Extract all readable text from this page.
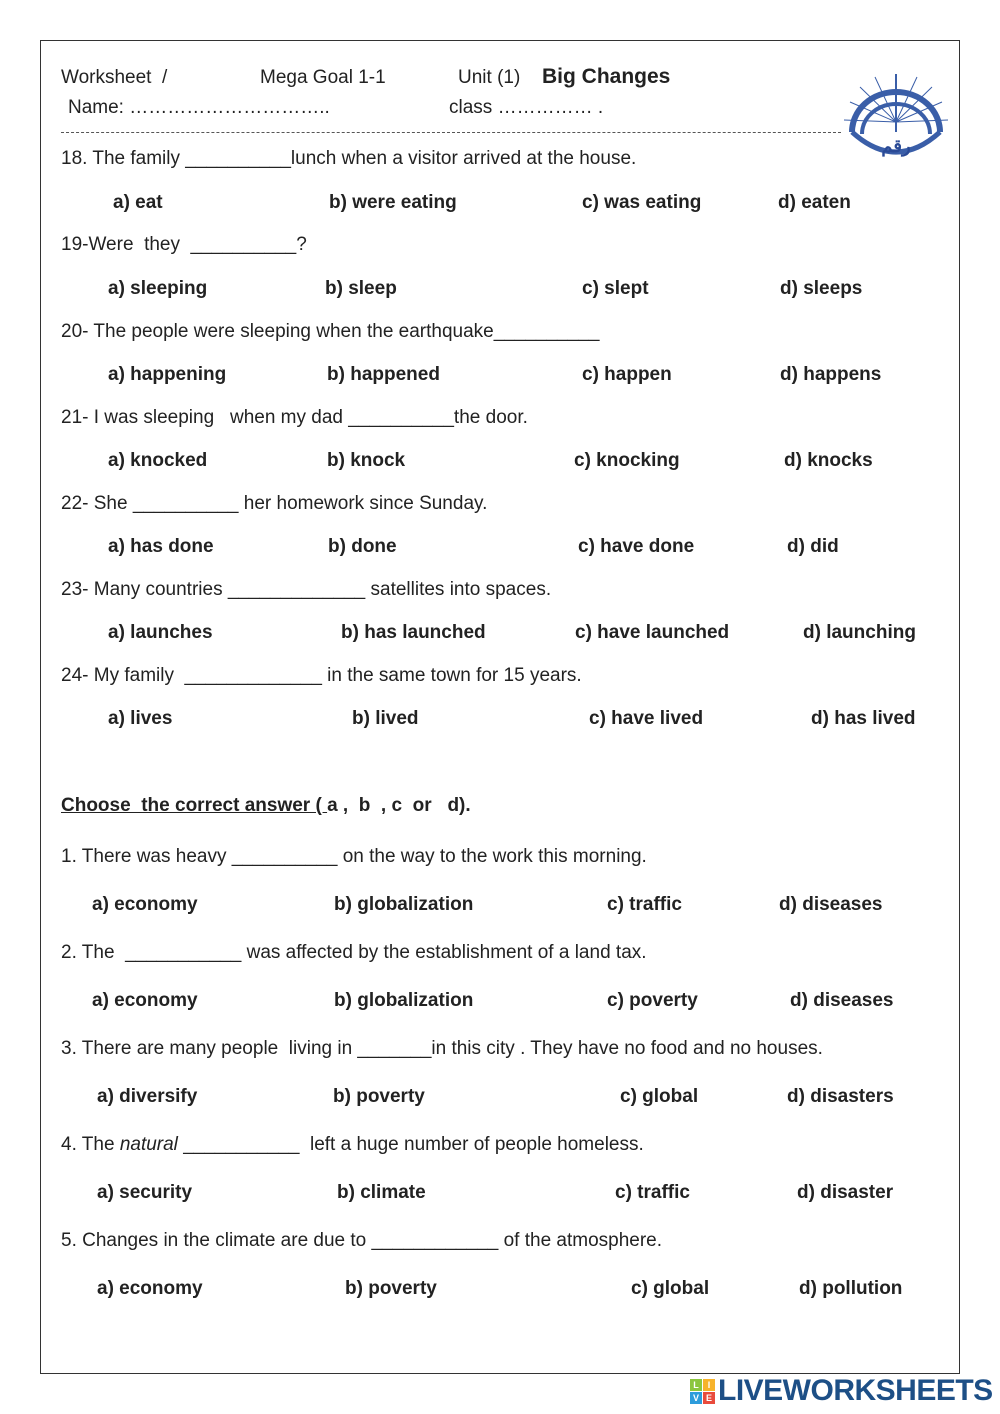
Worksheet  /	Mega Goal 1-1	Unit (1) Big Changes
Name: …………………………..	class …………… .
رقم
18. The family __________lunch when a visitor arrived at the house.
a) eat	b) were eating	c) was eating	d) eaten
19-Were  they  __________?
a) sleeping	b) sleep	c) slept	d) sleeps
20- The people were sleeping when the earthquake__________
a) happening	b) happened	c) happen	d) happens
21- I was sleeping   when my dad __________the door.
a) knocked	b) knock	c) knocking	d) knocks
22- She __________ her homework since Sunday.
a) has done	b) done	c) have done	d) did
23- Many countries _____________ satellites into spaces.
a) launches	b) has launched	c) have launched	d) launching
24- My family  _____________ in the same town for 15 years.
a) lives	b) lived	c) have lived	d) has lived
Choose  the correct answer ( a ,  b  , c  or   d).
1. There was heavy __________ on the way to the work this morning.
a) economy	b) globalization	c) traffic	d) diseases
2. The  ___________ was affected by the establishment of a land tax.
a) economy	b) globalization	c) poverty	d) diseases
3. There are many people  living in _______in this city . They have no food and no houses.
a) diversify	b) poverty	c) global	d) disasters
4. The natural ___________  left a huge number of people homeless.
a) security	b) climate	c) traffic	d) disaster
5. Changes in the climate are due to ____________ of the atmosphere.
a) economy	b) poverty	c) global	d) pollution
L I
V E LIVEWORKSHEETS
